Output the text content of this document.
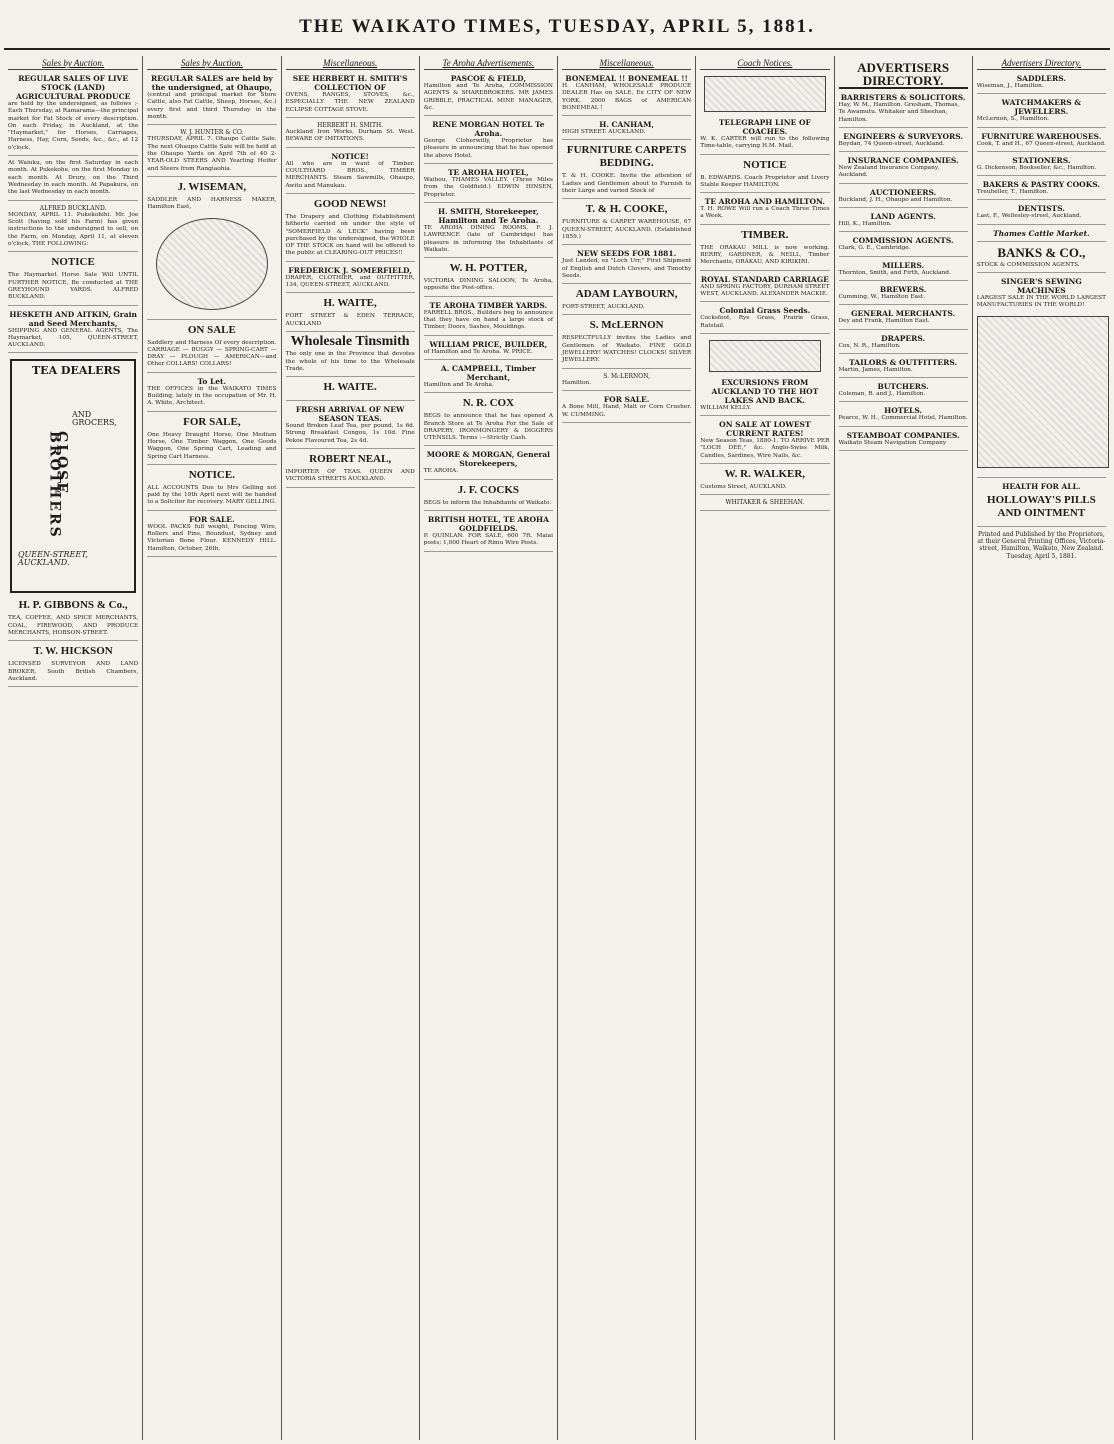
THE WAIKATO TIMES, TUESDAY, APRIL 5, 1881.
Sales by Auction.
REGULAR SALES OF LIVE STOCK (LAND) AGRICULTURAL PRODUCE
are held by the undersigned, as follows :- Each Thursday, at Ramarama—the principal market for Fat Stock of every description. On each Friday, in Auckland, at the "Haymarket," for Horses, Carriages, Harness, Hay, Corn, Seeds, &c., &c., at 12 o'clock.
At Waiuku, on the first Saturday in each month. At Pukekohe, on the first Monday in each month. At Drury, on the Third Wednesday in each month. At Papakura, on the last Wednesday in each month.
ALFRED BUCKLAND.
MONDAY, APRIL 11. Pukekohihi. Mr. Joe Scott (having sold his Farm) has given instructions to the undersigned to sell, on the Farm, on Monday, April 11, at eleven o'clock, THE FOLLOWING:
NOTICE
The Haymarket Horse Sale Will UNTIL FURTHER NOTICE, Be conducted at THE GREYHOUND YARDS. ALFRED BUCKLAND.
HESKETH AND AITKIN, Grain and Seed Merchants,
SHIPPING AND GENERAL AGENTS, The Haymarket, 105, QUEEN-STREET, AUCKLAND.
TEA DEALERS
AND GROCERS,
CLOSE BROTHERS
QUEEN-STREET, AUCKLAND.
H. P. GIBBONS & Co.,
TEA, COFFEE, AND SPICE MERCHANTS, COAL, FIREWOOD, AND PRODUCE MERCHANTS, HOBSON-STREET.
T. W. HICKSON
LICENSED SURVEYOR AND LAND BROKER, South British Chambers, Auckland.
Sales by Auction.
REGULAR SALES are held by the undersigned, at Ohaupo,
(central and principal market for Store Cattle, also Fat Cattle, Sheep, Horses, &c.) every first and third Thursday in the month.
W. J. HUNTER & CO.
THURSDAY, APRIL 7. Ohaupo Cattle Sale. The next Ohaupo Cattle Sale will be held at the Ohaupo Yards on April 7th of 40 2-YEAR-OLD STEERS AND Yearling Heifer and Steers from Rangiaohia.
J. WISEMAN,
SADDLER AND HARNESS MAKER, Hamilton East,
ON SALE
Saddlery and Harness Of every description. CARRIAGE — BUGGY — SPRING-CART — DRAY — PLOUGH — AMERICAN—and Other COLLARS! COLLARS!
To Let.
THE OFFICES in the WAIKATO TIMES Building, lately in the occupation of Mr. H. A. White, Architect.
FOR SALE,
One Heavy Draught Horse, One Medium Horse, One Timber Waggon, One Goods Waggon, One Spring Cart, Leading and Spring Cart Harness.
NOTICE.
ALL ACCOUNTS Due to Mrs Gelling not paid by the 19th April next will be handed to a Solicitor for recovery. MARY GELLING.
FOR SALE.
WOOL PACKS full weight, Fencing Wire, Rollers and Pins, Boundust, Sydney and Victorian Bone Flour. KENNEDY HILL. Hamilton, October, 26th.
Miscellaneous.
SEE HERBERT H. SMITH'S COLLECTION OF
OVENS, RANGES, STOVES, &c., ESPECIALLY THE NEW ZEALAND ECLIPSE COTTAGE STOVE.
HERBERT H. SMITH.
Auckland Iron Works, Durham St. West. BEWARE OF IMITATIONS.
NOTICE!
All who are in want of Timber. COULTHARD BROS., TIMBER MERCHANTS. Steam Sawmills, Ohaupo, Awitu and Manukau.
GOOD NEWS!
The Drapery and Clothing Establishment hitherto carried on under the style of "SOMERFIELD & LECK" having been purchased by the undersigned, the WHOLE OF THE STOCK on hand will be offered to the public at CLEARING-OUT PRICES!!
FREDERICK J. SOMERFIELD,
DRAPER, CLOTHIER, and OUTFITTER, 134, QUEEN-STREET, AUCKLAND.
H. WAITE,
FORT STREET & EDEN TERRACE, AUCKLAND
Wholesale Tinsmith
The only one in the Province that devotes the whole of his time to the Wholesale Trade.
H. WAITE.
FRESH ARRIVAL OF NEW SEASON TEAS.
Sound Broken Leaf Tea, per pound, 1s 6d. Strong Breakfast Congou, 1s 10d. Fine Pekoe Flavoured Tea, 2s 4d.
ROBERT NEAL,
IMPORTER OF TEAS. QUEEN AND VICTORIA STREETS AUCKLAND.
Te Aroha Advertisements.
PASCOE & FIELD,
Hamilton and Te Aroha, COMMISSION AGENTS & SHAREBROKERS. MR JAMES GRIBBLE, PRACTICAL MINE MANAGER, &c.
RENE MORGAN HOTEL Te Aroha.
George Cloherwilly, Proprietor has pleasure in announcing that he has opened the above Hotel.
TE AROHA HOTEL,
Waihou, THAMES VALLEY. (Three Miles from the Goldfield.) EDWIN HINSEN, Proprietor.
H. SMITH, Storekeeper, Hamilton and Te Aroha.
TE AROHA DINING ROOMS, F. J. LAWRENCE (late of Cambridge) has pleasure in informing the Inhabitants of Waikato.
W. H. POTTER,
VICTORIA DINING SALOON, Te Aroha, opposite the Post-office.
TE AROHA TIMBER YARDS.
FARRELL BROS., Builders beg to announce that they have on hand a large stock of Timber, Doors, Sashes, Mouldings.
WILLIAM PRICE, BUILDER,
of Hamilton and Te Aroha. W. PRICE.
A. CAMPBELL, Timber Merchant,
Hamilton and Te Aroha.
N. R. COX
BEGS to announce that he has opened A Branch Store at Te Aroha For the Sale of DRAPERY, IRONMONGERY & DIGGERS UTENSILS. Terms :—Strictly Cash.
MOORE & MORGAN, General Storekeepers,
TE AROHA.
J. F. COCKS
BEGS to inform the Inhabitants of Waikato.
BRITISH HOTEL, TE AROHA GOLDFIELDS.
P. QUINLAN. FOR SALE, 600 7ft. Maiai posts; 1,000 Heart of Rimu Wire Posts.
Miscellaneous.
BONEMEAL !! BONEMEAL !!
H. CANHAM, WHOLESALE PRODUCE DEALER Has on SALE, Ex CITY OF NEW YORK, 2000 BAGS of AMERICAN BONEMEAL !
H. CANHAM,
HIGH STREET. AUCKLAND.
FURNITURE CARPETS BEDDING.
T. & H. COOKE. Invite the attention of Ladies and Gentlemen about to Furnish to their Large and varied Stock of
T. & H. COOKE,
FURNITURE & CARPET WAREHOUSE, 67 QUEEN-STREET, AUCKLAND. (Established 1859.)
NEW SEEDS FOR 1881.
Just Landed, ex "Loch Urr," First Shipment of English and Dutch Clovers, and Timothy Seeds.
ADAM LAYBOURN,
FORT-STREET, AUCKLAND.
S. McLERNON
RESPECTFULLY invites the Ladies and Gentlemen of Waikato. FINE GOLD JEWELLERY! WATCHES! CLOCKS! SILVER JEWELLERY.
S. McLERNON,
Hamilton.
FOR SALE.
A Bone Mill, Hand, Malt or Corn Crusher. W. CUMMING.
Coach Notices.
TELEGRAPH LINE OF COACHES.
W. K. CARTER will run to the following Time-table, carrying H.M. Mail.
NOTICE
B. EDWARDS. Coach Proprietor and Livery Stable Keeper HAMILTON.
TE AROHA AND HAMILTON.
T. H. ROWE Will run a Coach Three Times a Week.
TIMBER.
THE ORAKAU MILL is now working. BERRY, GARDNER, & NEILL, Timber Merchants, ORAKAU, AND KIRIKIRI.
ROYAL STANDARD CARRIAGE
AND SPRING FACTORY, DURHAM STREET WEST, AUCKLAND. ALEXANDER MACKIE.
Colonial Grass Seeds.
Cocksfoot, Rye Grass, Prairie Grass, Ratstail.
EXCURSIONS FROM AUCKLAND TO THE HOT LAKES AND BACK.
WILLIAM KELLY.
ON SALE AT LOWEST CURRENT RATES!
New Season Teas, 1880-1. TO ARRIVE PER "LOCH DEE," &c. Anglo-Swiss Milk, Candles, Sardines, Wire Nails, &c.
W. R. WALKER,
Customs Street, AUCKLAND.
WHITAKER & SHEEHAN.
ADVERTISERS DIRECTORY.
BARRISTERS & SOLICITORS.
Hay, W. M., Hamilton. Gresham, Thomas, Te Awamutu. Whitaker and Sheehan, Hamilton.
ENGINEERS & SURVEYORS.
Boydan, 74 Queen-street, Auckland.
INSURANCE COMPANIES.
New Zealand Insurance Company, Auckland.
AUCTIONEERS.
Buckland, J. H., Ohaupo and Hamilton.
LAND AGENTS.
Hill, K., Hamilton.
COMMISSION AGENTS.
Clark, G. E., Cambridge.
MILLERS.
Thornton, Smith, and Firth, Auckland.
BREWERS.
Cumming, W., Hamilton East.
GENERAL MERCHANTS.
Dey and Frank, Hamilton East.
DRAPERS.
Cox, N. R., Hamilton.
TAILORS & OUTFITTERS.
Martin, James, Hamilton.
BUTCHERS.
Coleman, R. and J., Hamilton.
HOTELS.
Pearce, W. H., Commercial Hotel, Hamilton.
STEAMBOAT COMPANIES.
Waikato Steam Navigation Company
Advertisers Directory.
SADDLERS.
Wiseman, J., Hamilton.
WATCHMAKERS & JEWELLERS.
McLernon, S., Hamilton.
FURNITURE WAREHOUSES.
Cook, T. and H., 67 Queen-street, Auckland.
STATIONERS.
G. Dickenson, Bookseller, &c., Hamilton.
BAKERS & PASTRY COOKS.
Treuheller, T., Hamilton.
DENTISTS.
Last, F., Wellesley-street, Auckland.
Thames Cattle Market.
BANKS & CO.,
STOCK & COMMISSION AGENTS.
SINGER'S SEWING MACHINES
LARGEST SALE IN THE WORLD LARGEST MANUFACTURIES IN THE WORLD!
HEALTH FOR ALL.
HOLLOWAY'S PILLS AND OINTMENT
Printed and Published by the Proprietors, at their General Printing Offices, Victoria-street, Hamilton, Waikato, New Zealand. Tuesday, April 5, 1881.
